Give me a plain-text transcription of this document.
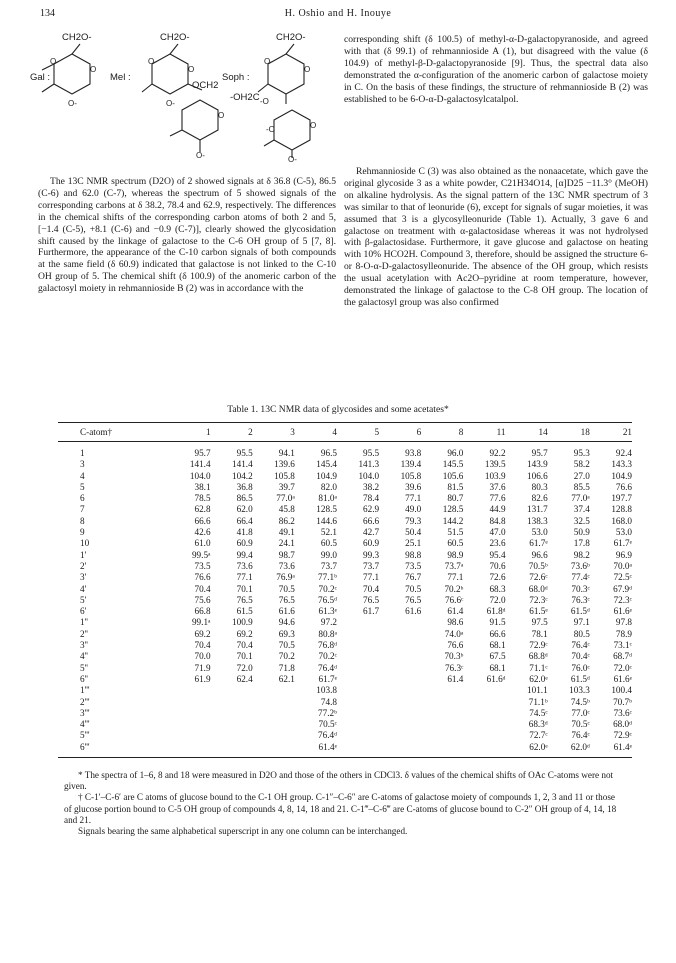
134	H. Oshio and H. Inouye
O	O
O
O
O
O-	O-	O-
O-	O-
O-
-O
-O
O-
Gal :	Mel :	Soph :
CH2O-	CH2O-	CH2O-
OCH2
-OH2C

corresponding shift (δ 100.5) of methyl-α-D-galactopyranoside, and agreed with that (δ 99.1) of rehmannioside A (1), but disagreed with the value (δ 104.9) of methyl-β-D-galactopyranoside [9]. Thus, the spectral data also demonstrated the α-configuration of the anomeric carbon of galactose moiety in C. On the basis of these findings, the structure of rehmannioside B (2) was established to be 6-O-α-D-galactosylcatalpol.

The 13C NMR spectrum (D2O) of 2 showed signals at δ 36.8 (C-5), 86.5 (C-6) and 62.0 (C-7), whereas the spectrum of 5 showed signals of the corresponding carbons at δ 38.2, 78.4 and 62.9, respectively. The differences in the chemical shifts of the corresponding carbon atoms of both 2 and 5, [−1.4 (C-5), +8.1 (C-6) and −0.9 (C-7)], clearly showed the glycosidation shift caused by the linkage of galactose to the C-6 OH group of 5 [7, 8]. Furthermore, the appearance of the C-10 carbon signals of both compounds at the same field (δ 60.9) indicated that galactose is not linked to the C-10 OH group of 5. The chemical shift (δ 100.9) of the anomeric carbon of the galactosyl moiety in rehmannioside B (2) was in accordance with the

Rehmannioside C (3) was also obtained as the nonaacetate, which gave the original glycoside 3 as a white powder, C21H34O14, [α]D25 −11.3° (MeOH) on alkaline hydrolysis. As the signal pattern of the 13C NMR spectrum of 3 was similar to that of leonuride (6), except for signals of sugar moieties, it was assumed that 3 is a glycosylleonuride (Table 1). Actually, 3 gave 6 and galactose on treatment with α-galactosidase whereas it was not hydrolysed with β-galactosidase. Furthermore, it gave glucose and galactose on heating with 10% HCO2H. Compound 3, therefore, should be assigned the structure 6- or 8-O-α-D-galactosylleonuride. The absence of the OH group, which resists the usual acetylation with Ac2O–pyridine at room temperature, however, demonstrated the linkage of galactose to the C-8 OH group. The location of the galactosyl group was also confirmed

Table 1. 13C NMR data of glycosides and some acetates*
C-atom†	1	2	3	4	5	6	8	11	14	18	21
1	95.7	95.5	94.1	96.5	95.5	93.8	96.0	92.2	95.7	95.3	92.4
3	141.4	141.4	139.6	145.4	141.3	139.4	145.5	139.5	143.9	58.2	143.3
4	104.0	104.2	105.8	104.9	104.0	105.8	105.6	103.9	106.6	27.0	104.9
5	38.1	36.8	39.7	82.0	38.2	39.6	81.5	37.6	80.3	85.5	76.6
6	78.5	86.5	77.0ᵃ	81.0ᵃ	78.4	77.1	80.7	77.6	82.6	77.0ᵃ	197.7
7	62.8	62.0	45.8	128.5	62.9	49.0	128.5	44.9	131.7	37.4	128.8
8	66.6	66.4	86.2	144.6	66.6	79.3	144.2	84.8	138.3	32.5	168.0
9	42.6	41.8	49.1	52.1	42.7	50.4	51.5	47.0	53.0	50.9	53.0
10	61.0	60.9	24.1	60.5	60.9	25.1	60.5	23.6	61.7ᵉ	17.8	61.7ᵉ
1'	99.5ᵃ	99.4	98.7	99.0	99.3	98.8	98.9	95.4	96.6	98.2	96.9
2'	73.5	73.6	73.6	73.7	73.7	73.5	73.7ᵃ	70.6	70.5ᵇ	73.6ᵇ	70.0ᵃ
3'	76.6	77.1	76.9ᵃ	77.1ᵇ	77.1	76.7	77.1	72.6	72.6ᶜ	77.4ᶜ	72.5ᶜ
4'	70.4	70.1	70.5	70.2ᶜ	70.4	70.5	70.2ᵇ	68.3	68.0ᵈ	70.3ᶜ	67.9ᵈ
5'	75.6	76.5	76.5	76.5ᵈ	76.5	76.5	76.6ᶜ	72.0	72.3ᶜ	76.3ᶜ	72.3ᶜ
6'	66.8	61.5	61.6	61.3ᵉ	61.7	61.6	61.4	61.8ᵈ	61.5ᵉ	61.5ᵈ	61.6ᵉ
1''	99.1ᵃ	100.9	94.6	97.2			98.6	91.5	97.5	97.1	97.8
2''	69.2	69.2	69.3	80.8ᵃ			74.0ᵃ	66.6	78.1	80.5	78.9
3''	70.4	70.4	70.5	76.8ᵈ			76.6	68.1	72.9ᶜ	76.4ᶜ	73.1ᶜ
4''	70.0	70.1	70.2	70.2ᶜ			70.3ᵇ	67.5	68.8ᵈ	70.4ᶜ	68.7ᵈ
5''	71.9	72.0	71.8	76.4ᵈ			76.3ᶜ	68.1	71.1ᶜ	76.0ᶜ	72.0ᶜ
6''	61.9	62.4	62.1	61.7ᵉ			61.4	61.6ᵈ	62.0ᵉ	61.5ᵈ	61.6ᵉ
1'''				103.8					101.1	103.3	100.4
2'''				74.8					71.1ᵇ	74.5ᵇ	70.7ᵇ
3'''				77.2ᵇ					74.5ᶜ	77.0ᶜ	73.6ᶜ
4'''				70.5ᶜ					68.3ᵈ	70.5ᶜ	68.0ᵈ
5'''				76.4ᵈ					72.7ᶜ	76.4ᶜ	72.9ᶜ
6'''				61.4ᵉ					62.0ᵉ	62.0ᵈ	61.4ᵉ

* The spectra of 1–6, 8 and 18 were measured in D2O and those of the others in CDCl3. δ values of the chemical shifts of OAc C-atoms were not given.

† C-1′–C-6′ are C atoms of glucose bound to the C-1 OH group. C-1″–C-6″ are C-atoms of galactose moiety of compounds 1, 2, 3 and 11 or those of glucose portion bound to C-5 OH group of compounds 4, 8, 14, 18 and 21. C-1‴–C-6‴ are C-atoms of glucose bound to C-2″ OH group of 4, 14, 18 and 21.

Signals bearing the same alphabetical superscript in any one column can be interchanged.
